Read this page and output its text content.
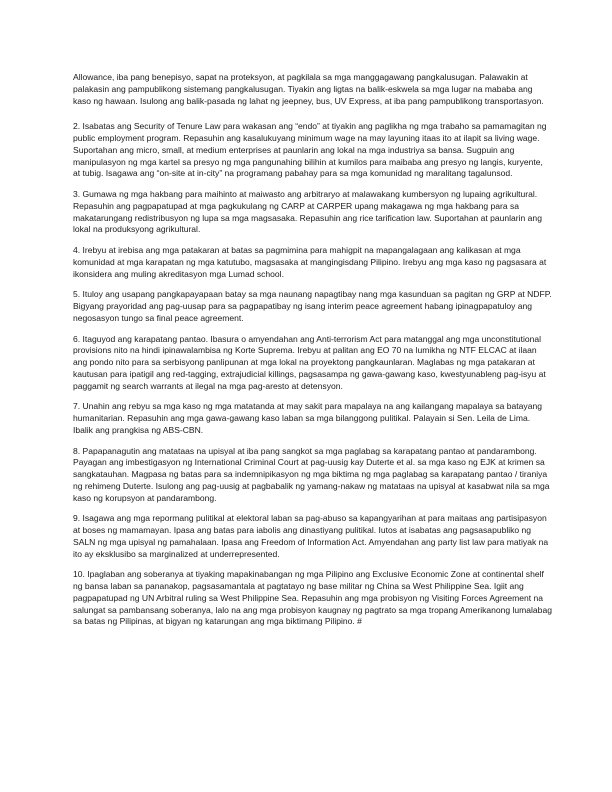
Allowance, iba pang benepisyo, sapat na proteksyon, at pagkilala sa mga manggagawang pangkalusugan. Palawakin at palakasin ang pampublikong sistemang pangkalusugan. Tiyakin ang ligtas na balik-eskwela sa mga lugar na mababa ang kaso ng hawaan. Isulong ang balik-pasada ng lahat ng jeepney, bus, UV Express, at iba pang pampublikong transportasyon.

2. Isabatas ang Security of Tenure Law para wakasan ang “endo” at tiyakin ang paglikha ng mga trabaho sa pamamagitan ng public employment program. Repasuhin ang kasalukuyang minimum wage na may layuning itaas ito at ilapit sa living wage. Suportahan ang micro, small, at medium enterprises at paunlarin ang lokal na mga industriya sa bansa. Sugpuin ang manipulasyon ng mga kartel sa presyo ng mga pangunahing bilihin at kumilos para maibaba ang presyo ng langis, kuryente, at tubig. Isagawa ang “on-site at in-city” na programang pabahay para sa mga komunidad ng maralitang tagalunsod.

3. Gumawa ng mga hakbang para maihinto at maiwasto ang arbitraryo at malawakang kumbersyon ng lupaing agrikultural. Repasuhin ang pagpapatupad at mga pagkukulang ng CARP at CARPER upang makagawa ng mga hakbang para sa makatarungang redistribusyon ng lupa sa mga magsasaka. Repasuhin ang rice tarification law. Suportahan at paunlarin ang lokal na produksyong agrikultural.

4. Irebyu at irebisa ang mga patakaran at batas sa pagmimina para mahigpit na mapangalagaan ang kalikasan at mga komunidad at mga karapatan ng mga katutubo, magsasaka at mangingisdang Pilipino. Irebyu ang mga kaso ng pagsasara at ikonsidera ang muling akreditasyon mga Lumad school.

5. Ituloy ang usapang pangkapayapaan batay sa mga naunang napagtibay nang mga kasunduan sa pagitan ng GRP at NDFP. Bigyang prayoridad ang pag-uusap para sa pagpapatibay ng isang interim peace agreement habang ipinagpapatuloy ang negosasyon tungo sa final peace agreement.

6. Itaguyod ang karapatang pantao. Ibasura o amyendahan ang Anti-terrorism Act para matanggal ang mga unconstitutional provisions nito na hindi ipinawalambisa ng Korte Suprema. Irebyu at palitan ang EO 70 na lumikha ng NTF ELCAC at ilaan ang pondo nito para sa serbisyong panlipunan at mga lokal na proyektong pangkaunlaran. Maglabas ng mga patakaran at kautusan para ipatigil ang red-tagging, extrajudicial killings, pagsasampa ng gawa-gawang kaso, kwestyunableng pag-isyu at paggamit ng search warrants at ilegal na mga pag-aresto at detensyon.

7. Unahin ang rebyu sa mga kaso ng mga matatanda at may sakit para mapalaya na ang kailangang mapalaya sa batayang humanitarian. Repasuhin ang mga gawa-gawang kaso laban sa mga bilanggong pulitikal. Palayain si Sen. Leila de Lima. Ibalik ang prangkisa ng ABS-CBN.

8. Papapanagutin ang matataas na upisyal at iba pang sangkot sa mga paglabag sa karapatang pantao at pandarambong. Payagan ang imbestigasyon ng International Criminal Court at pag-uusig kay Duterte et al. sa mga kaso ng EJK at krimen sa sangkatauhan. Magpasa ng batas para sa indemnipikasyon ng mga biktima ng mga paglabag sa karapatang pantao / tiraniya ng rehimeng Duterte. Isulong ang pag-uusig at pagbabalik ng yamang-nakaw ng matataas na upisyal at kasabwat nila sa mga kaso ng korupsyon at pandarambong.

9. Isagawa ang mga repormang pulitikal at elektoral laban sa pag-abuso sa kapangyarihan at para maitaas ang partisipasyon at boses ng mamamayan. Ipasa ang batas para iabolis ang dinastiyang pulitikal. Iutos at isabatas ang pagsasapubliko ng SALN ng mga upisyal ng pamahalaan. Ipasa ang Freedom of Information Act. Amyendahan ang party list law para matiyak na ito ay eksklusibo sa marginalized at underrepresented.

10. Ipaglaban ang soberanya at tiyaking mapakinabangan ng mga Pilipino ang Exclusive Economic Zone at continental shelf ng bansa laban sa pananakop, pagsasamantala at pagtatayo ng base militar ng China sa West Philippine Sea. Igiit ang pagpapatupad ng UN Arbitral ruling sa West Philippine Sea. Repasuhin ang mga probisyon ng Visiting Forces Agreement na salungat sa pambansang soberanya, lalo na ang mga probisyon kaugnay ng pagtrato sa mga tropang Amerikanong lumalabag sa batas ng Pilipinas, at bigyan ng katarungan ang mga biktimang Pilipino. #
